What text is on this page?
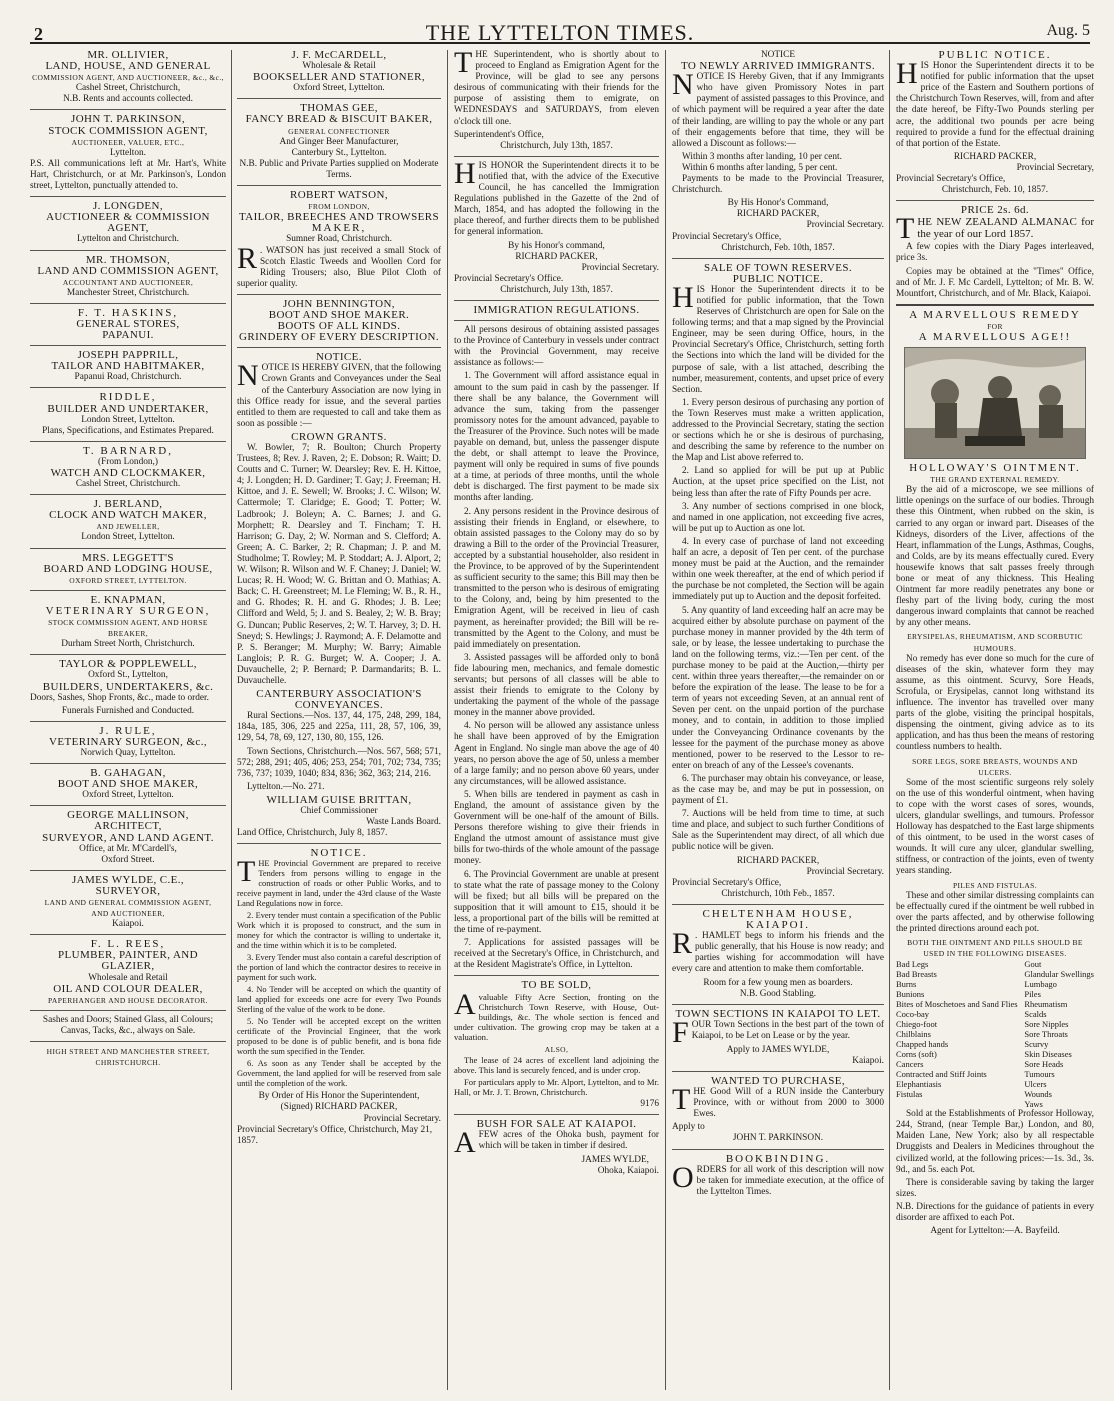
2	THE LYTTELTON TIMES.	Aug. 5
MR. OLLIVIER,
LAND, HOUSE, AND GENERAL
COMMISSION AGENT, AND AUCTIONEER, &c., &c.,
Cashel Street, Christchurch,
N.B. Rents and accounts collected.
JOHN T. PARKINSON,
STOCK COMMISSION AGENT,
AUCTIONEER, VALUER, ETC.,
Lyttelton.

P.S. All communications left at Mr. Hart's, White Hart, Christchurch, or at Mr. Parkinson's, London street, Lyttelton, punctually attended to.

J. LONGDEN,
AUCTIONEER & COMMISSION AGENT,
Lyttelton and Christchurch.
MR. THOMSON,
LAND AND COMMISSION AGENT,
ACCOUNTANT AND AUCTIONEER,
Manchester Street, Christchurch.
F. T. HASKINS,
GENERAL STORES,
PAPANUI.
JOSEPH PAPPRILL,
TAILOR AND HABITMAKER,
Papanui Road, Christchurch.
RIDDLE,
BUILDER AND UNDERTAKER,
London Street, Lyttelton.
Plans, Specifications, and Estimates Prepared.
T. BARNARD,
(From London,)
WATCH AND CLOCKMAKER,
Cashel Street, Christchurch.
J. BERLAND,
CLOCK AND WATCH MAKER,
AND JEWELLER,
London Street, Lyttelton.
MRS. LEGGETT'S
BOARD AND LODGING HOUSE,
OXFORD STREET, LYTTELTON.
E. KNAPMAN,
VETERINARY SURGEON,
STOCK COMMISSION AGENT, AND HORSE BREAKER,
Durham Street North, Christchurch.
TAYLOR & POPPLEWELL,
Oxford St., Lyttelton,
BUILDERS, UNDERTAKERS, &c.

Doors, Sashes, Shop Fronts, &c., made to order.

Funerals Furnished and Conducted.
J. RULE,
VETERINARY SURGEON, &c.,
Norwich Quay, Lyttelton.
B. GAHAGAN,
BOOT AND SHOE MAKER,
Oxford Street, Lyttelton.
GEORGE MALLINSON,
ARCHITECT,
SURVEYOR, AND LAND AGENT.
Office, at Mr. M'Cardell's,
Oxford Street.
JAMES WYLDE, C.E.,
SURVEYOR,
LAND AND GENERAL COMMISSION AGENT,
AND AUCTIONEER,
Kaiapoi.
F. L. REES,
PLUMBER, PAINTER, AND GLAZIER,
Wholesale and Retail
OIL AND COLOUR DEALER,
PAPERHANGER AND HOUSE DECORATOR.
Sashes and Doors; Stained Glass, all Colours; Canvas, Tacks, &c., always on Sale.
HIGH STREET AND MANCHESTER STREET, CHRISTCHURCH.
J. F. McCARDELL,
Wholesale & Retail
BOOKSELLER AND STATIONER,
Oxford Street, Lyttelton.
THOMAS GEE,
FANCY BREAD & BISCUIT BAKER,
GENERAL CONFECTIONER
And Ginger Beer Manufacturer,
Canterbury St., Lyttelton.
N.B. Public and Private Parties supplied on Moderate Terms.
ROBERT WATSON,
FROM LONDON,
TAILOR, BREECHES AND TROWSERS
MAKER,
Sumner Road, Christchurch.

R . WATSON has just received a small Stock of Scotch Elastic Tweeds and Woollen Cord for Riding Trousers; also, Blue Pilot Cloth of superior quality.

JOHN BENNINGTON,
BOOT AND SHOE MAKER.
BOOTS OF ALL KINDS.
GRINDERY OF EVERY DESCRIPTION.
NOTICE.

NOTICE IS HEREBY GIVEN, that the following Crown Grants and Conveyances under the Seal of the Canterbury Association are now lying in this Office ready for issue, and the several parties entitled to them are requested to call and take them as soon as possible :—

CROWN GRANTS.

W. Bowler, 7; R. Boulton; Church Property Trustees, 8; Rev. J. Raven, 2; E. Dobson; R. Waitt; D. Coutts and C. Turner; W. Dearsley; Rev. E. H. Kittoe, 4; J. Longden; H. D. Gardiner; T. Gay; J. Freeman; H. Kittoe, and J. E. Sewell; W. Brooks; J. C. Wilson; W. Cattermole; T. Claridge; E. Good; T. Potter; W. Ladbrook; J. Boleyn; A. C. Barnes; J. and G. Morphett; R. Dearsley and T. Fincham; T. H. Harrison; G. Day, 2; W. Norman and S. Clefford; A. Green; A. C. Barker, 2; R. Chapman; J. P. and M. Studholme; T. Rowley; M. P. Stoddart; A. J. Alport, 2; W. Wilson; R. Wilson and W. F. Chaney; J. Daniel; W. Lucas; R. H. Wood; W. G. Brittan and O. Mathias; A. Back; C. H. Greenstreet; M. Le Fleming; W. B., R. H., and G. Rhodes; R. H. and G. Rhodes; J. B. Lee; Clifford and Weld, 5; J. and S. Bealey, 2; W. B. Bray; G. Duncan; Public Reserves, 2; W. T. Harvey, 3; D. H. Sneyd; S. Hewlings; J. Raymond; A. F. Delamotte and P. S. Beranger; M. Murphy; W. Barry; Aimable Langlois; P. R. G. Burget; W. A. Cooper; J. A. Duvauchelle, 2; P. Bernard; P. Darmandarits; B. L. Duvauchelle.

CANTERBURY ASSOCIATION'S CONVEYANCES.

Rural Sections.—Nos. 137, 44, 175, 248, 299, 184, 184a, 185, 306, 225 and 225a, 111, 28, 57, 106, 39, 129, 54, 78, 69, 127, 130, 80, 155, 126.

Town Sections, Christchurch.—Nos. 567, 568; 571, 572; 288, 291; 405, 406; 253, 254; 701, 702; 734, 735; 736, 737; 1039, 1040; 834, 836; 362, 363; 214, 216.

Lyttelton.—No. 271.

WILLIAM GUISE BRITTAN,
Chief Commissioner
Waste Lands Board.
Land Office, Christchurch, July 8, 1857.
NOTICE.

THE Provincial Government are prepared to receive Tenders from persons willing to engage in the construction of roads or other Public Works, and to receive payment in land, under the 43rd clause of the Waste Land Regulations now in force.

2. Every tender must contain a specification of the Public Work which it is proposed to construct, and the sum in money for which the contractor is willing to undertake it, and the time within which it is to be completed.

3. Every Tender must also contain a careful description of the portion of land which the contractor desires to receive in payment for such work.

4. No Tender will be accepted on which the quantity of land applied for exceeds one acre for every Two Pounds Sterling of the value of the work to be done.

5. No Tender will be accepted except on the written certificate of the Provincial Engineer, that the work proposed to be done is of public benefit, and is bona fide worth the sum specified in the Tender.

6. As soon as any Tender shall be accepted by the Government, the land applied for will be reserved from sale until the completion of the work.

By Order of His Honor the Superintendent,
(Signed) RICHARD PACKER,
Provincial Secretary.
Provincial Secretary's Office, Christchurch, May 21, 1857.

THE Superintendent, who is shortly about to proceed to England as Emigration Agent for the Province, will be glad to see any persons desirous of communicating with their friends for the purpose of assisting them to emigrate, on WEDNESDAYS and SATURDAYS, from eleven o'clock till one.

Superintendent's Office,
Christchurch, July 13th, 1857.

HIS HONOR the Superintendent directs it to be notified that, with the advice of the Executive Council, he has cancelled the Immigration Regulations published in the Gazette of the 2nd of March, 1854, and has adopted the following in the place thereof, and further directs them to be published for general information.

By his Honor's command,
RICHARD PACKER,
Provincial Secretary.
Provincial Secretary's Office.
Christchurch, July 13th, 1857.
IMMIGRATION REGULATIONS.

All persons desirous of obtaining assisted passages to the Province of Canterbury in vessels under contract with the Provincial Government, may receive assistance as follows:—

1. The Government will afford assistance equal in amount to the sum paid in cash by the passenger. If there shall be any balance, the Government will advance the sum, taking from the passenger promissory notes for the amount advanced, payable to the Treasurer of the Province. Such notes will be made payable on demand, but, unless the passenger dispute the debt, or shall attempt to leave the Province, payment will only be required in sums of five pounds at a time, at periods of three months, until the whole debt is discharged. The first payment to be made six months after landing.

2. Any persons resident in the Province desirous of assisting their friends in England, or elsewhere, to obtain assisted passages to the Colony may do so by drawing a Bill to the order of the Provincial Treasurer, accepted by a substantial householder, also resident in the Province, to be approved of by the Superintendent as sufficient security to the same; this Bill may then be transmitted to the person who is desirous of emigrating to the Colony, and, being by him presented to the Emigration Agent, will be received in lieu of cash payment, as hereinafter provided; the Bill will be re-transmitted by the Agent to the Colony, and must be paid immediately on presentation.

3. Assisted passages will be afforded only to bonâ fide labouring men, mechanics, and female domestic servants; but persons of all classes will be able to assist their friends to emigrate to the Colony by undertaking the payment of the whole of the passage money in the manner above provided.

4. No person will be allowed any assistance unless he shall have been approved of by the Emigration Agent in England. No single man above the age of 40 years, no person above the age of 50, unless a member of a large family; and no person above 60 years, under any circumstances, will be allowed assistance.

5. When bills are tendered in payment as cash in England, the amount of assistance given by the Government will be one-half of the amount of Bills. Persons therefore wishing to give their friends in England the utmost amount of assistance must give bills for two-thirds of the whole amount of the passage money.

6. The Provincial Government are unable at present to state what the rate of passage money to the Colony will be fixed; but all bills will be prepared on the supposition that it will amount to £15, should it be less, a proportional part of the bills will be remitted at the time of re-payment.

7. Applications for assisted passages will be received at the Secretary's Office, in Christchurch, and at the Resident Magistrate's Office, in Lyttelton.

TO BE SOLD,

A valuable Fifty Acre Section, fronting on the Christchurch Town Reserve, with House, Out-buildings, &c. The whole section is fenced and under cultivation. The growing crop may be taken at a valuation.

ALSO,

The lease of 24 acres of excellent land adjoining the above. This land is securely fenced, and is under crop.

For particulars apply to Mr. Alport, Lyttelton, and to Mr. Hall, or Mr. J. T. Brown, Christchurch.

9176
BUSH FOR SALE AT KAIAPOI.

A FEW acres of the Ohoka bush, payment for which will be taken in timber if desired.

JAMES WYLDE,
Ohoka, Kaiapoi.
NOTICE
TO NEWLY ARRIVED IMMIGRANTS.

NOTICE IS Hereby Given, that if any Immigrants who have given Promissory Notes in part payment of assisted passages to this Province, and of which payment will be required a year after the date of their landing, are willing to pay the whole or any part of their engagements before that time, they will be allowed a Discount as follows:—

Within 3 months after landing, 10 per cent.
Within 6 months after landing, 5 per cent.

Payments to be made to the Provincial Treasurer, Christchurch.

By His Honor's Command,
RICHARD PACKER,
Provincial Secretary.
Provincial Secretary's Office,
Christchurch, Feb. 10th, 1857.
SALE OF TOWN RESERVES.
PUBLIC NOTICE.

HIS Honor the Superintendent directs it to be notified for public information, that the Town Reserves of Christchurch are open for Sale on the following terms; and that a map signed by the Provincial Engineer, may be seen during Office, hours, in the Provincial Secretary's Office, Christchurch, setting forth the Sections into which the land will be divided for the purpose of sale, with a list attached, describing the number, measurement, contents, and upset price of every Section.

1. Every person desirous of purchasing any portion of the Town Reserves must make a written application, addressed to the Provincial Secretary, stating the section or sections which he or she is desirous of purchasing, and describing the same by reference to the number on the Map and List above referred to.

2. Land so applied for will be put up at Public Auction, at the upset price specified on the List, not being less than after the rate of Fifty Pounds per acre.

3. Any number of sections comprised in one block, and named in one application, not exceeding five acres, will be put up to Auction as one lot.

4. In every case of purchase of land not exceeding half an acre, a deposit of Ten per cent. of the purchase money must be paid at the Auction, and the remainder within one week thereafter, at the end of which period if the purchase be not completed, the Section will be again immediately put up to Auction and the deposit forfeited.

5. Any quantity of land exceeding half an acre may be acquired either by absolute purchase on payment of the purchase money in manner provided by the 4th term of sale, or by lease, the lessee undertaking to purchase the land on the following terms, viz.:—Ten per cent. of the purchase money to be paid at the Auction,—thirty per cent. within three years thereafter,—the remainder on or before the expiration of the lease. The lease to be for a term of years not exceeding Seven, at an annual rent of Seven per cent. on the unpaid portion of the purchase money, and to contain, in addition to those implied under the Conveyancing Ordinance covenants by the lessee for the payment of the purchase money as above mentioned, power to be reserved to the Lessor to re-enter on breach of any of the Lessee's covenants.

6. The purchaser may obtain his conveyance, or lease, as the case may be, and may be put in possession, on payment of £1.

7. Auctions will be held from time to time, at such time and place, and subject to such further Conditions of Sale as the Superintendent may direct, of all which due public notice will be given.

RICHARD PACKER,
Provincial Secretary.
Provincial Secretary's Office,
Christchurch, 10th Feb., 1857.
CHELTENHAM HOUSE,
KAIAPOI.

R . HAMLET begs to inform his friends and the public generally, that his House is now ready; and parties wishing for accommodation will have every care and attention to make them comfortable.

Room for a few young men as boarders.
N.B. Good Stabling.
TOWN SECTIONS IN KAIAPOI TO LET.

FOUR Town Sections in the best part of the town of Kaiapoi, to be Let on Lease or by the year.

Apply to JAMES WYLDE,
Kaiapoi.
WANTED TO PURCHASE,

THE Good Will of a RUN inside the Canterbury Province, with or without from 2000 to 3000 Ewes.

Apply to
JOHN T. PARKINSON.
BOOKBINDING.

ORDERS for all work of this description will now be taken for immediate execution, at the office of the Lyttelton Times.

PUBLIC NOTICE.

HIS Honor the Superintendent directs it to be notified for public information that the upset price of the Eastern and Southern portions of the Christchurch Town Reserves, will, from and after the date hereof, be Fifty-Two Pounds sterling per acre, the additional two pounds per acre being required to provide a fund for the effectual draining of that portion of the Estate.

RICHARD PACKER,
Provincial Secretary,
Provincial Secretary's Office,
Christchurch, Feb. 10, 1857.
PRICE 2s. 6d.

THE NEW ZEALAND ALMANAC for the year of our Lord 1857.

A few copies with the Diary Pages interleaved, price 3s.

Copies may be obtained at the "Times" Office, and of Mr. J. F. Mc Cardell, Lyttelton; of Mr. B. W. Mountfort, Christchurch, and of Mr. Black, Kaiapoi.

A MARVELLOUS REMEDY
FOR
A MARVELLOUS AGE!!
HOLLOWAY'S OINTMENT.
THE GRAND EXTERNAL REMEDY.

By the aid of a microscope, we see millions of little openings on the surface of our bodies. Through these this Ointment, when rubbed on the skin, is carried to any organ or inward part. Diseases of the Kidneys, disorders of the Liver, affections of the Heart, inflammation of the Lungs, Asthmas, Coughs, and Colds, are by its means effectually cured. Every housewife knows that salt passes freely through bone or meat of any thickness. This Healing Ointment far more readily penetrates any bone or fleshy part of the living body, curing the most dangerous inward complaints that cannot be reached by any other means.

ERYSIPELAS, RHEUMATISM, AND SCORBUTIC HUMOURS.

No remedy has ever done so much for the cure of diseases of the skin, whatever form they may assume, as this ointment. Scurvy, Sore Heads, Scrofula, or Erysipelas, cannot long withstand its influence. The inventor has travelled over many parts of the globe, visiting the principal hospitals, dispensing the ointment, giving advice as to its application, and has thus been the means of restoring countless numbers to health.

SORE LEGS, SORE BREASTS, WOUNDS AND ULCERS.

Some of the most scientific surgeons rely solely on the use of this wonderful ointment, when having to cope with the worst cases of sores, wounds, ulcers, glandular swellings, and tumours. Professor Holloway has despatched to the East large shipments of this ointment, to be used in the worst cases of wounds. It will cure any ulcer, glandular swelling, stiffness, or contraction of the joints, even of twenty years standing.

PILES AND FISTULAS.

These and other similar distressing complaints can be effectually cured if the ointment be well rubbed in over the parts affected, and by otherwise following the printed directions around each pot.

BOTH THE OINTMENT AND PILLS SHOULD BE USED IN THE FOLLOWING DISEASES.
Bad Legs
Bad Breasts
Burns
Bunions
Bites of Moschetoes and Sand Flies
Coco-bay
Chiego-foot
Chilblains
Chapped hands
Corns (soft)
Cancers
Contracted and Stiff Joints
Elephantiasis
Fistulas
Gout
Glandular Swellings
Lumbago
Piles
Rheumatism
Scalds
Sore Nipples
Sore Throats
Scurvy
Skin Diseases
Sore Heads
Tumours
Ulcers
Wounds
Yaws

Sold at the Establishments of Professor Holloway, 244, Strand, (near Temple Bar,) London, and 80, Maiden Lane, New York; also by all respectable Druggists and Dealers in Medicines throughout the civilized world, at the following prices:—1s. 3d., 3s. 9d., and 5s. each Pot.

There is considerable saving by taking the larger sizes.

N.B. Directions for the guidance of patients in every disorder are affixed to each Pot.

Agent for Lyttelton:—A. Bayfeild.
